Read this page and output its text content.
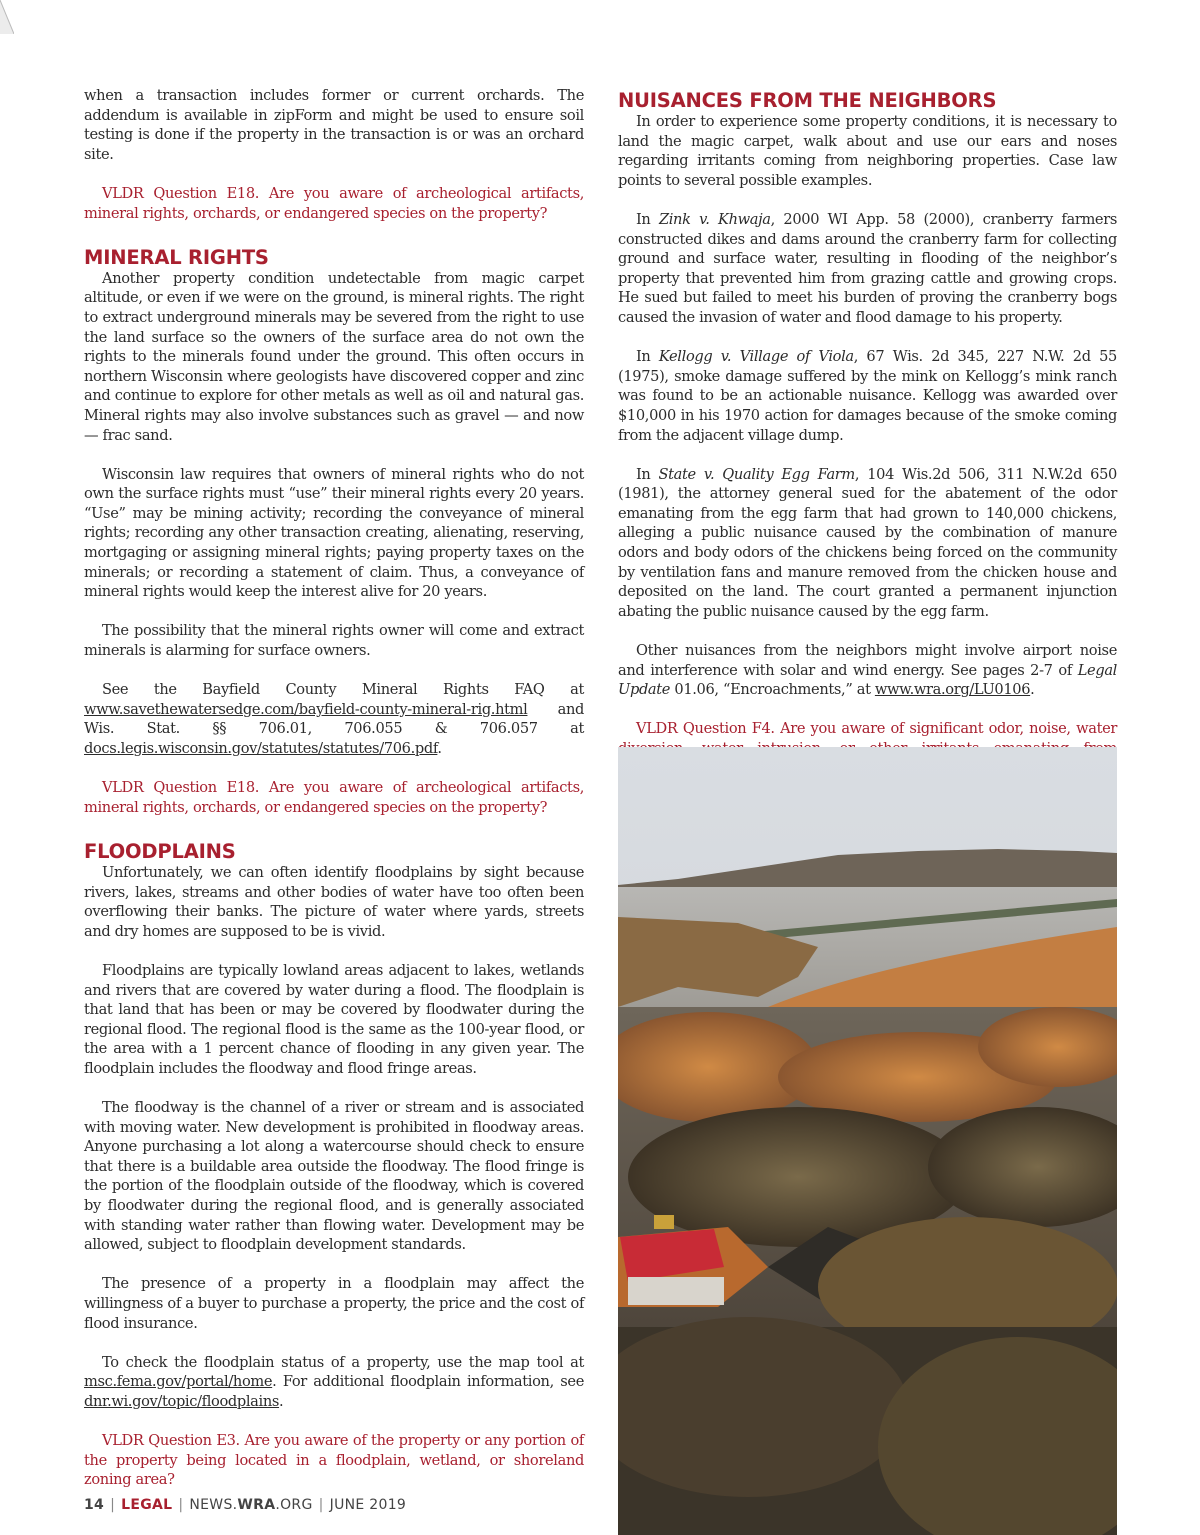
when a transaction includes former or current orchards. The addendum is available in zipForm and might be used to ensure soil testing is done if the property in the transaction is or was an orchard site.

VLDR Question E18. Are you aware of archeological artifacts, mineral rights, orchards, or endangered species on the property?

MINERAL RIGHTS

Another property condition undetectable from magic carpet altitude, or even if we were on the ground, is mineral rights. The right to extract underground minerals may be severed from the right to use the land surface so the owners of the surface area do not own the rights to the minerals found under the ground. This often occurs in northern Wisconsin where geologists have discovered copper and zinc and continue to explore for other metals as well as oil and natural gas. Mineral rights may also involve substances such as gravel — and now — frac sand.

Wisconsin law requires that owners of mineral rights who do not own the surface rights must “use” their mineral rights every 20 years. “Use” may be mining activity; recording the conveyance of mineral rights; recording any other transaction creating, alienating, reserving, mortgaging or assigning mineral rights; paying property taxes on the minerals; or recording a statement of claim. Thus, a conveyance of mineral rights would keep the interest alive for 20 years.

The possibility that the mineral rights owner will come and extract minerals is alarming for surface owners.

See the Bayfield County Mineral Rights FAQ at www.savethewatersedge.com/bayfield-county-mineral-rig.html and Wis. Stat. §§ 706.01, 706.055 & 706.057 at docs.legis.wisconsin.gov/statutes/statutes/706.pdf.

VLDR Question E18. Are you aware of archeological artifacts, mineral rights, orchards, or endangered species on the property?

FLOODPLAINS

Unfortunately, we can often identify floodplains by sight because rivers, lakes, streams and other bodies of water have too often been overflowing their banks. The picture of water where yards, streets and dry homes are supposed to be is vivid.

Floodplains are typically lowland areas adjacent to lakes, wetlands and rivers that are covered by water during a flood. The floodplain is that land that has been or may be covered by floodwater during the regional flood. The regional flood is the same as the 100-year flood, or the area with a 1 percent chance of flooding in any given year. The floodplain includes the floodway and flood fringe areas.

The floodway is the channel of a river or stream and is associated with moving water. New development is prohibited in floodway areas. Anyone purchasing a lot along a watercourse should check to ensure that there is a buildable area outside the floodway. The flood fringe is the portion of the floodplain outside of the floodway, which is covered by floodwater during the regional flood, and is generally associated with standing water rather than flowing water. Development may be allowed, subject to floodplain development standards.

The presence of a property in a floodplain may affect the willingness of a buyer to purchase a property, the price and the cost of flood insurance.

To check the floodplain status of a property, use the map tool at msc.fema.gov/portal/home. For additional floodplain information, see dnr.wi.gov/topic/floodplains.

VLDR Question E3. Are you aware of the property or any portion of the property being located in a floodplain, wetland, or shoreland zoning area?

NUISANCES FROM THE NEIGHBORS

In order to experience some property conditions, it is necessary to land the magic carpet, walk about and use our ears and noses regarding irritants coming from neighboring properties. Case law points to several possible examples.

In Zink v. Khwaja, 2000 WI App. 58 (2000), cranberry farmers constructed dikes and dams around the cranberry farm for collecting ground and surface water, resulting in flooding of the neighbor’s property that prevented him from grazing cattle and growing crops. He sued but failed to meet his burden of proving the cranberry bogs caused the invasion of water and flood damage to his property.

In Kellogg v. Village of Viola, 67 Wis. 2d 345, 227 N.W. 2d 55 (1975), smoke damage suffered by the mink on Kellogg’s mink ranch was found to be an actionable nuisance. Kellogg was awarded over $10,000 in his 1970 action for damages because of the smoke coming from the adjacent village dump.

In State v. Quality Egg Farm, 104 Wis.2d 506, 311 N.W.2d 650 (1981), the attorney general sued for the abatement of the odor emanating from the egg farm that had grown to 140,000 chickens, alleging a public nuisance caused by the combination of manure odors and body odors of the chickens being forced on the community by ventilation fans and manure removed from the chicken house and deposited on the land. The court granted a permanent injunction abating the public nuisance caused by the egg farm.

Other nuisances from the neighbors might involve airport noise and interference with solar and wind energy. See pages 2-7 of Legal Update 01.06, “Encroachments,” at www.wra.org/LU0106.

VLDR Question F4. Are you aware of significant odor, noise, water

14 | LEGAL | NEWS.WRA.ORG | JUNE 2019
